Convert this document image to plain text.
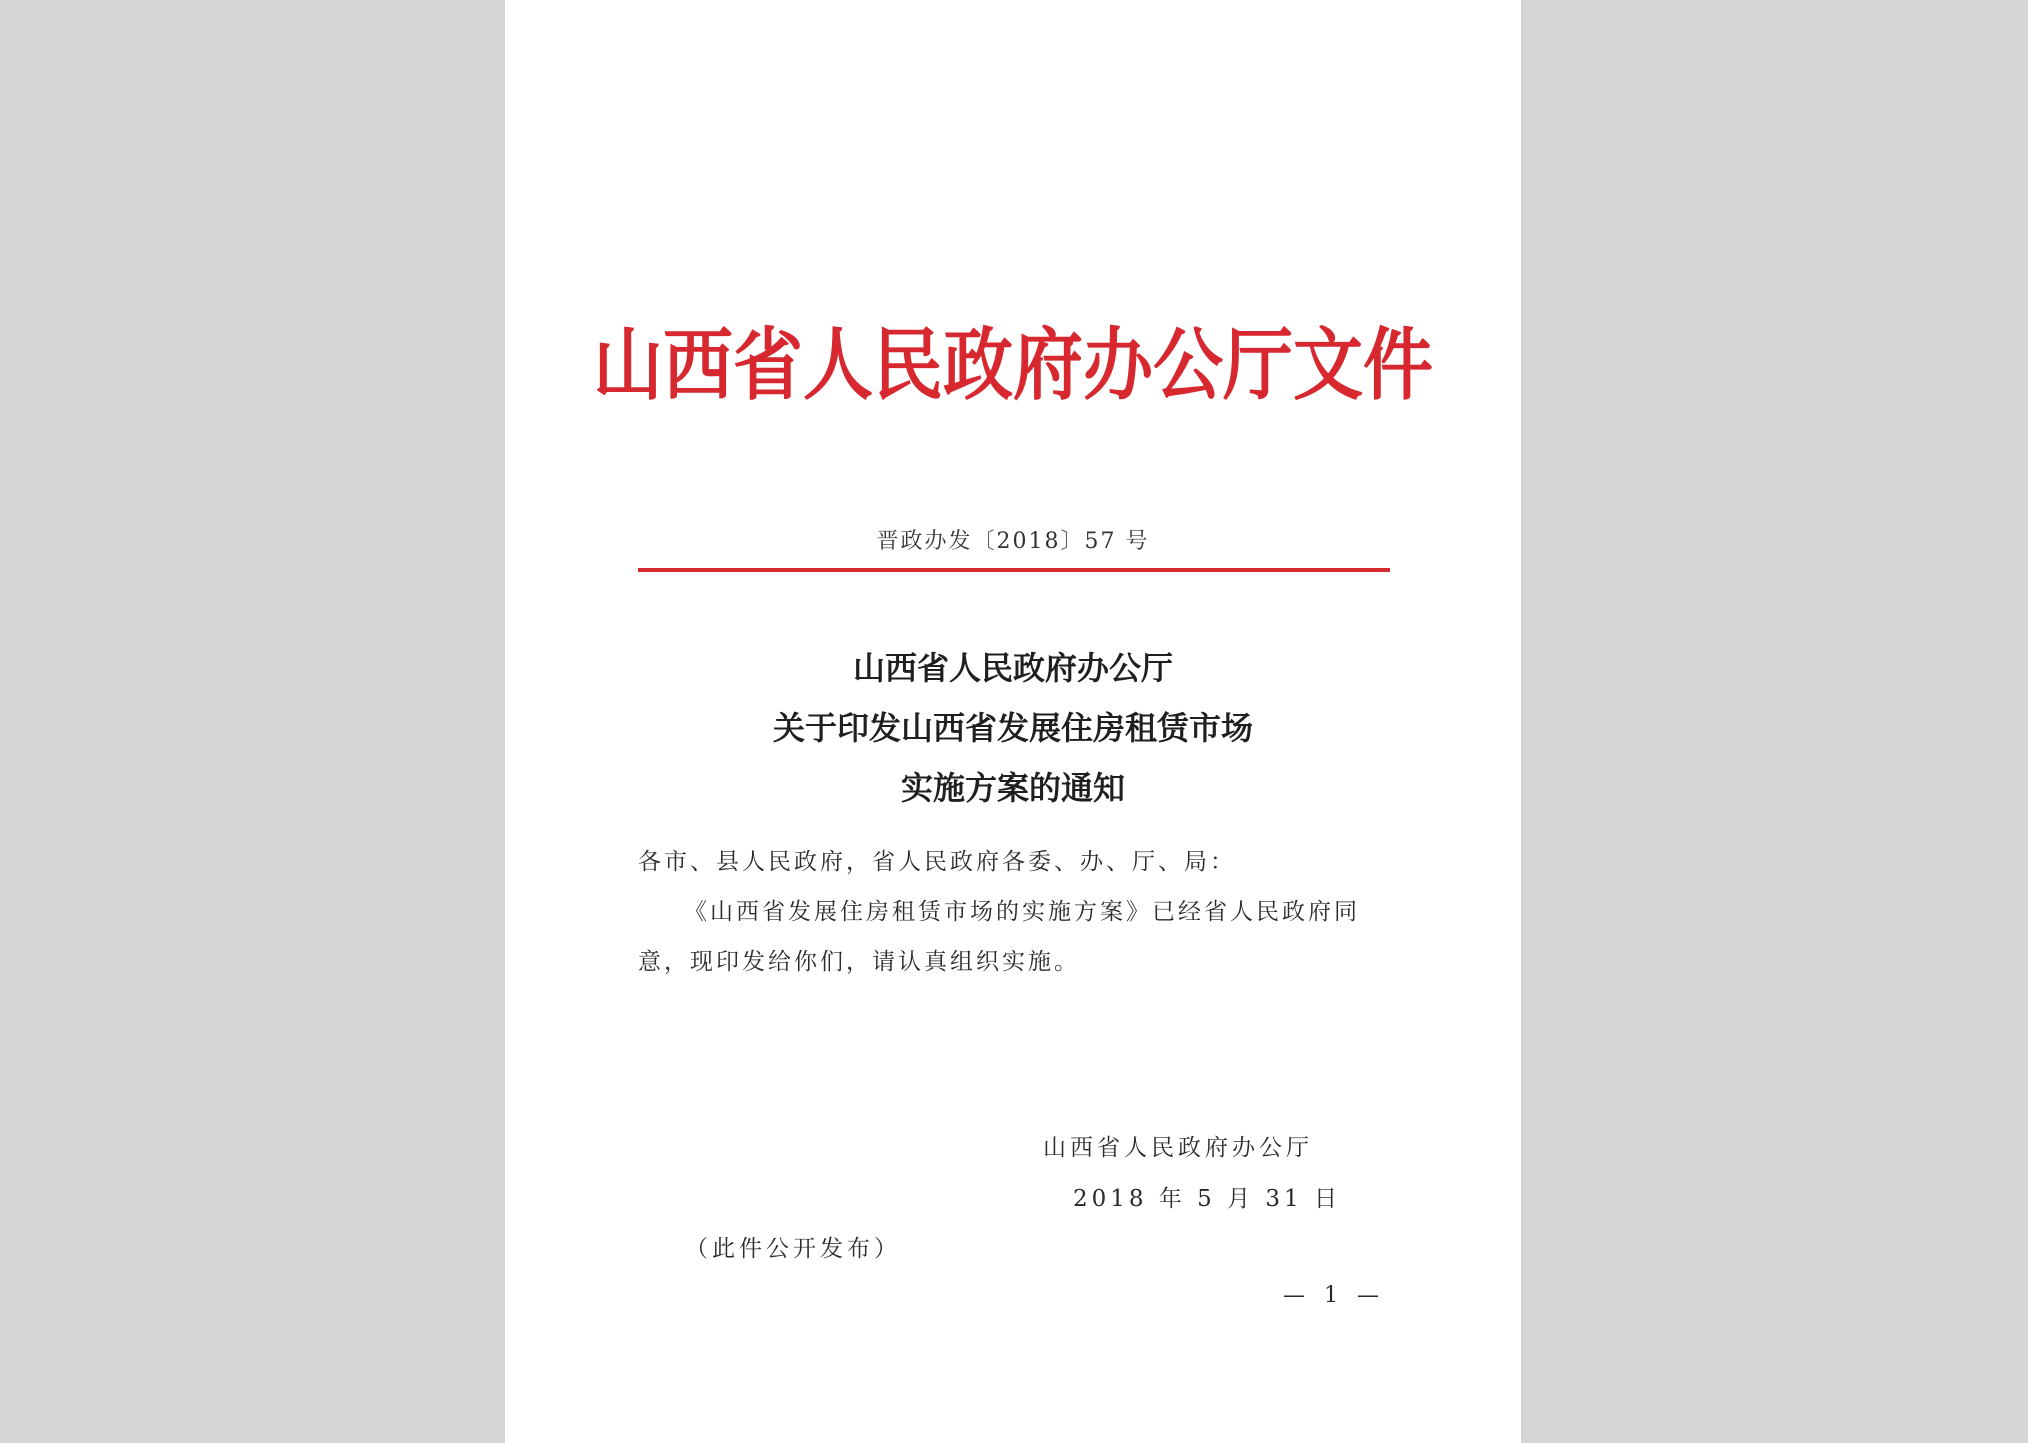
山西省人民政府办公厅文件
晋政办发〔2018〕57 号
山西省人民政府办公厅
关于印发山西省发展住房租赁市场
实施方案的通知
各市、县人民政府，省人民政府各委、办、厅、局：
《山西省发展住房租赁市场的实施方案》已经省人民政府同
意，现印发给你们，请认真组织实施。
山西省人民政府办公厅
2018 年 5 月 31 日
（此件公开发布）
— 1 —
